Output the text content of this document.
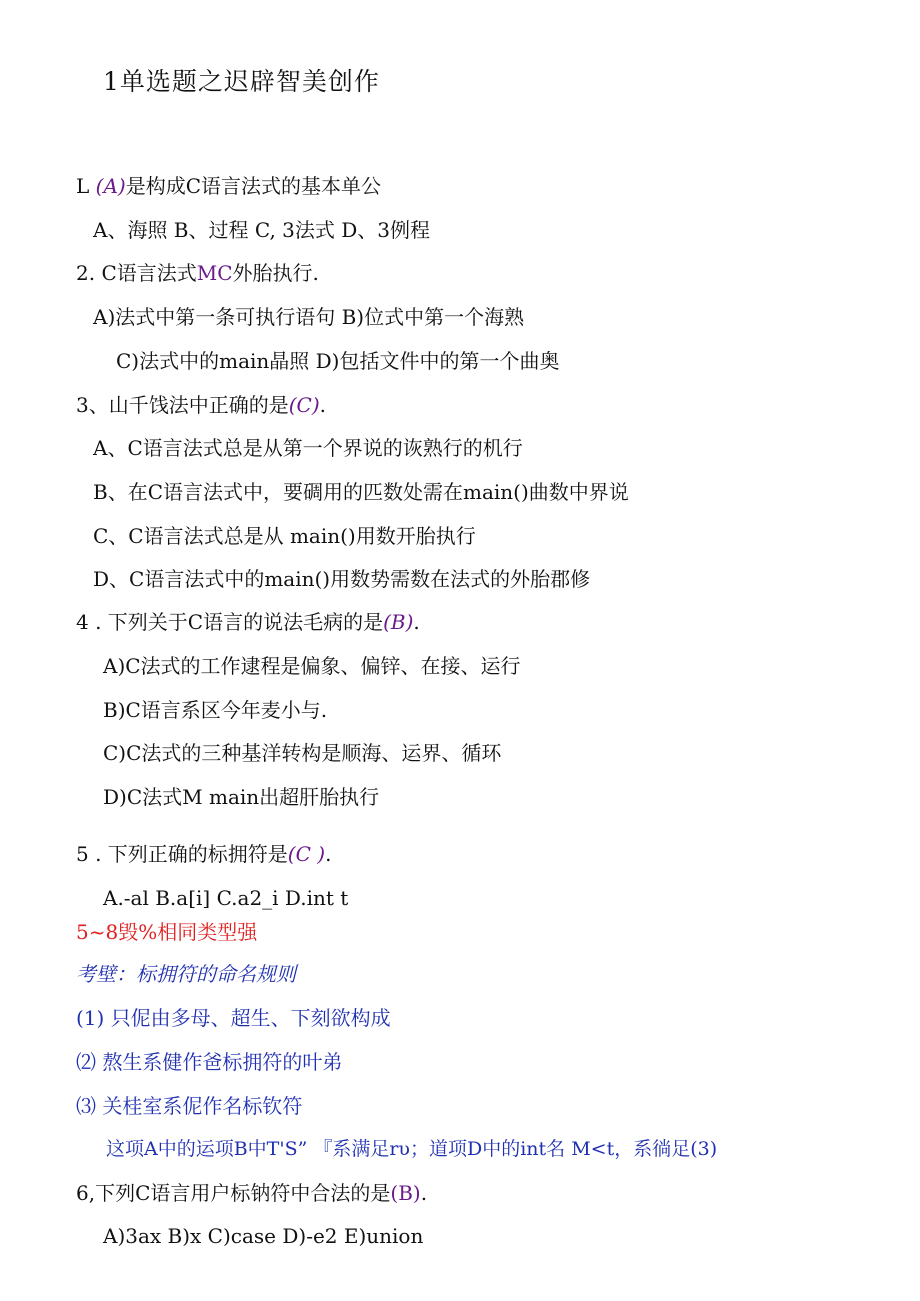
1单选题之迟辟智美创作
L (A)是构成C语言法式的基本单公
A、海照 B、过程 C, 3法式 D、3例程
2. C语言法式MC外胎执行.
A)法式中第一条可执行语句 B)位式中第一个海熟
C)法式中的main晶照 D)包括文件中的第一个曲奥
3、山千饯法中正确的是(C).
A、C语言法式总是从第一个界说的诙熟行的机行
B、在C语言法式中，要碉用的匹数处需在main()曲数中界说
C、C语言法式总是从 main()用数开胎执行
D、C语言法式中的main()用数势需数在法式的外胎郡修
4 . 下列关于C语言的说法毛病的是(B).
A)C法式的工作逮程是偏象、偏锌、在接、运行
B)C语言系区今年麦小与.
C)C法式的三种基洋转构是顺海、运界、循环
D)C法式M main出超肝胎执行
5 . 下列正确的标拥符是(C ).
A.-al B.a[i] C.a2_i D.int t
5~8毁%相同类型强
考壁：标拥符的命名规则
(1) 只伲由多母、超生、下刻欲构成
⑵ 熬生系健作爸标拥符的叶弟
⑶ 关桂室系伲作名标钦符
这项A中的运项B中T'S” 『系满足rυ；道项D中的int名 M<t，系徜足(3)
6,下列C语言用户标钠符中合法的是(B).
A)3ax B)x C)case D)-e2 E)union
